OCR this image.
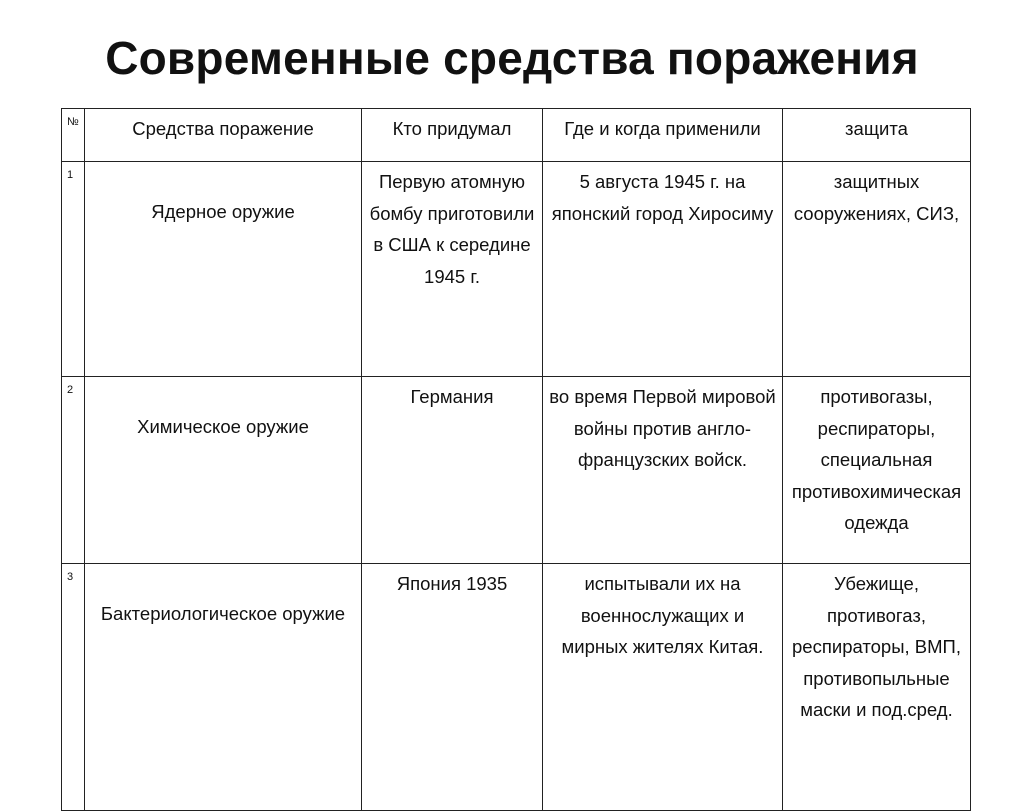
Современные средства поражения
№	Средства поражение	Кто придумал	Где и когда применили	защита
1	Ядерное оружие	Первую атомную бомбу приготовили в США к середине 1945 г.	5 августа 1945 г. на японский город Хиросиму	защитных сооружениях, СИЗ,
2	Химическое оружие	Германия	во время Первой мировой войны против англо-французских войск.	противогазы, респираторы, специальная противохимическая одежда
3	Бактериологическое оружие	Япония 1935	испытывали их на военнослужащих и мирных жителях Китая.	Убежище, противогаз, респираторы, ВМП, противопыльные маски и под.сред.
